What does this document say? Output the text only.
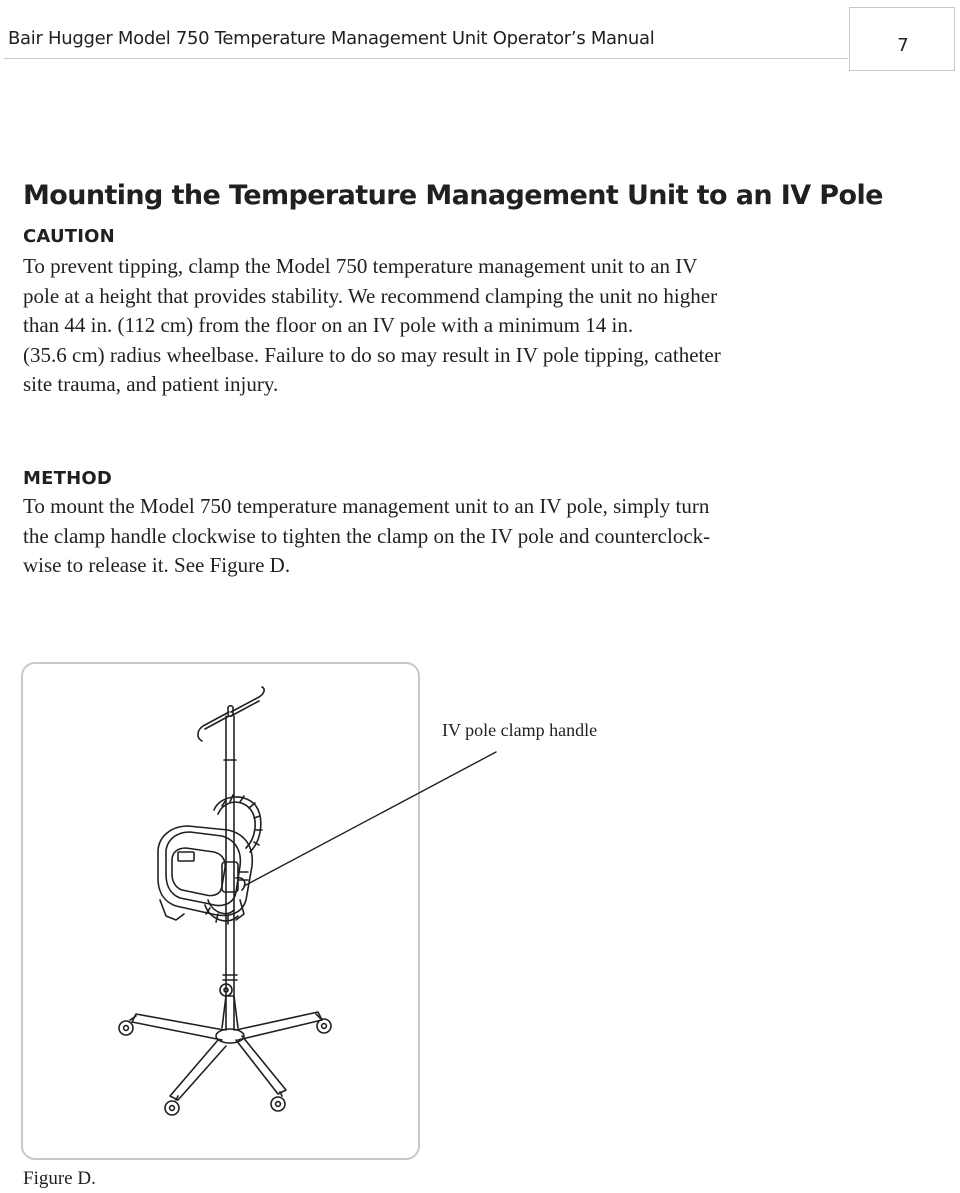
Bair Hugger Model 750 Temperature Management Unit Operator’s Manual	7
Mounting the Temperature Management Unit to an IV Pole
CAUTION

To prevent tipping, clamp the Model 750 temperature management unit to an IV
pole at a height that provides stability. We recommend clamping the unit no higher
than 44 in. (112 cm) from the floor on an IV pole with a minimum 14 in.
(35.6 cm) radius wheelbase. Failure to do so may result in IV pole tipping, catheter
site trauma, and patient injury.

METHOD

To mount the Model 750 temperature management unit to an IV pole, simply turn
the clamp handle clockwise to tighten the clamp on the IV pole and counterclock-
wise to release it. See Figure D.

IV pole clamp handle
Figure D.
